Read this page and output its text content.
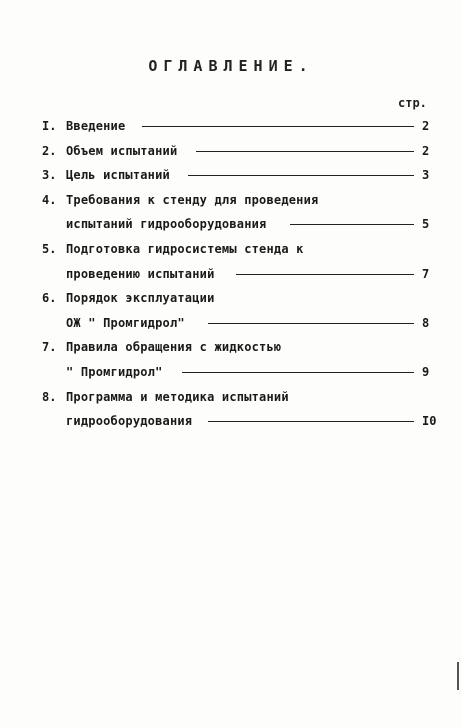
ОГЛАВЛЕНИЕ.
стр.
I. Введение	2
2. Объем испытаний	2
3. Цель испытаний	3
4. Требования к стенду для проведения
испытаний гидрооборудования	5
5. Подготовка гидросистемы стенда к
проведению испытаний	7
6. Порядок эксплуатации
ОЖ " Промгидрол"	8
7. Правила обращения с жидкостью
" Промгидрол"	9
8. Программа и методика испытаний
гидрооборудования	I0
